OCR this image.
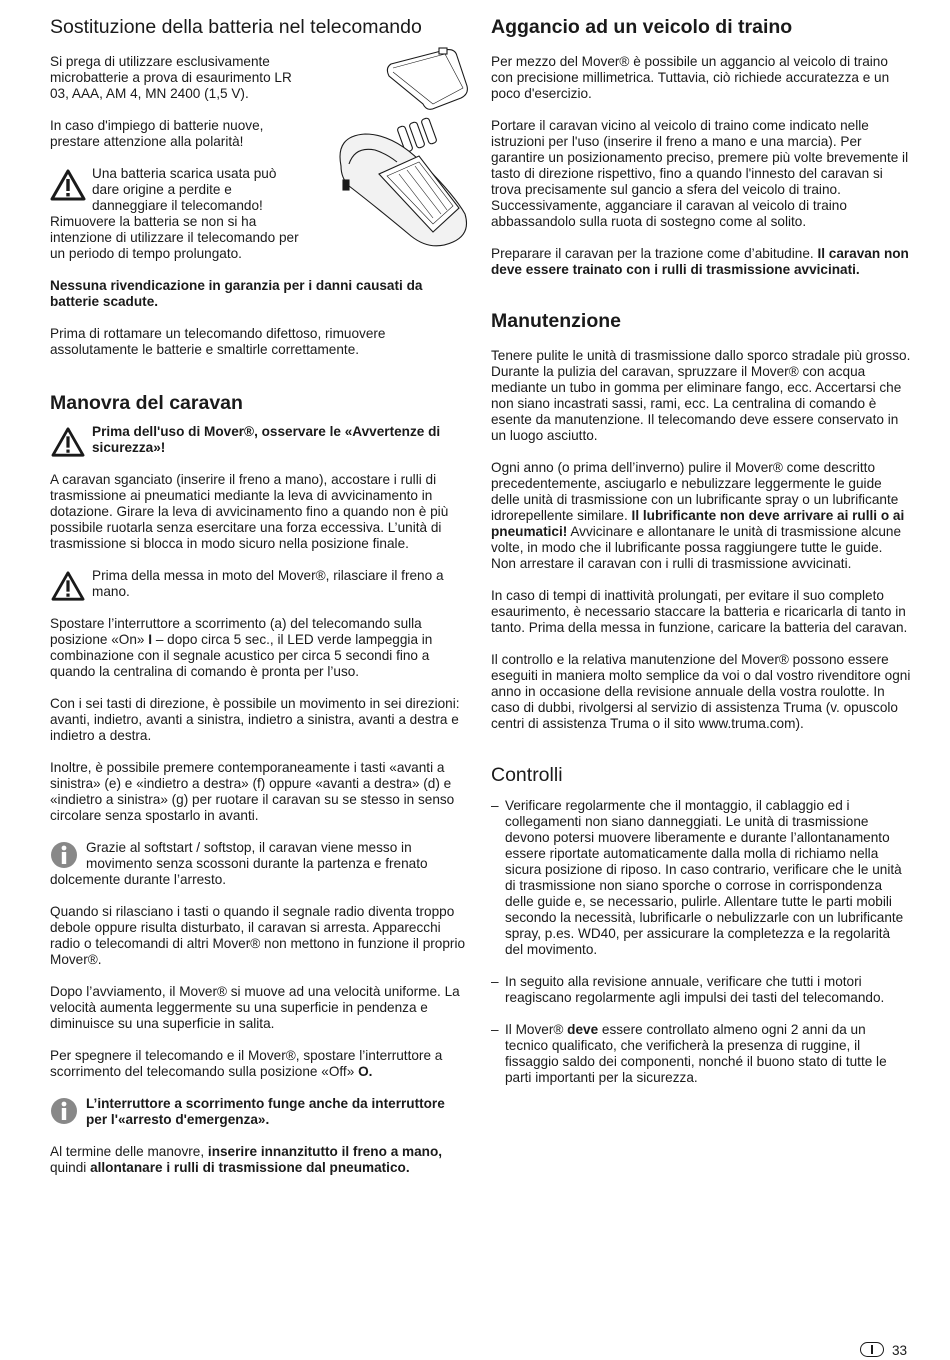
Sostituzione della batteria nel telecomando

Si prega di utilizzare esclusivamente microbatterie a prova di esaurimento LR 03, AAA, AM 4, MN 2400 (1,5 V).

In caso d'impiego di batterie nuove, prestare attenzione alla polarità!

Una batteria scarica usata può dare origine a perdite e danneggiare il telecomando! Rimuovere la batteria se non si ha intenzione di utilizzare il telecomando per un periodo di tempo prolungato.

Nessuna rivendicazione in garanzia per i danni causati da batterie scadute.

Prima di rottamare un telecomando difettoso, rimuovere assolutamente le batterie e smaltirle correttamente.

Manovra del caravan
Prima dell'uso di Mover®, osservare le «Avvertenze di sicurezza»!

A caravan sganciato (inserire il freno a mano), accostare i rulli di trasmissione ai pneumatici mediante la leva di avvicinamento in dotazione. Girare la leva di avvicinamento fino a quando non è più possibile ruotarla senza esercitare una forza eccessiva. L’unità di trasmissione si blocca in modo sicuro nella posizione finale.

Prima della messa in moto del Mover®, rilasciare il freno a mano.

Spostare l’interruttore a scorrimento (a) del telecomando sulla posizione «On» I – dopo circa 5 sec., il LED verde lampeggia in combinazione con il segnale acustico per circa 5 secondi fino a quando la centralina di comando è pronta per l’uso.

Con i sei tasti di direzione, è possibile un movimento in sei direzioni: avanti, indietro, avanti a sinistra, indietro a sinistra, avanti a destra e indietro a destra.

Inoltre, è possibile premere contemporaneamente i tasti «avanti a sinistra» (e) e «indietro a destra» (f) oppure «avanti a destra» (d) e «indietro a sinistra» (g) per ruotare il caravan su se stesso in senso circolare senza spostarlo in avanti.

Grazie al softstart / softstop, il caravan viene messo in movimento senza scossoni durante la partenza e frenato dolcemente durante l’arresto.

Quando si rilasciano i tasti o quando il segnale radio diventa troppo debole oppure risulta disturbato, il caravan si arresta. Apparecchi radio o telecomandi di altri Mover® non mettono in funzione il proprio Mover®.

Dopo l’avviamento, il Mover® si muove ad una velocità uniforme. La velocità aumenta leggermente su una superficie in pendenza e diminuisce su una superficie in salita.

Per spegnere il telecomando e il Mover®, spostare l’interruttore a scorrimento del telecomando sulla posizione «Off» O.

L’interruttore a scorrimento funge anche da interruttore per l'«arresto d'emergenza».

Al termine delle manovre, inserire innanzitutto il freno a mano, quindi allontanare i rulli di trasmissione dal pneumatico.

Aggancio ad un veicolo di traino

Per mezzo del Mover® è possibile un aggancio al veicolo di traino con precisione millimetrica. Tuttavia, ciò richiede accuratezza e un poco d'esercizio.

Portare il caravan vicino al veicolo di traino come indicato nelle istruzioni per l'uso (inserire il freno a mano e una marcia). Per garantire un posizionamento preciso, premere più volte brevemente il tasto di direzione rispettivo, fino a quando l'innesto del caravan si trova precisamente sul gancio a sfera del veicolo di traino. Successivamente, agganciare il caravan al veicolo di traino abbassandolo sulla ruota di sostegno come al solito.

Preparare il caravan per la trazione come d’abitudine. Il caravan non deve essere trainato con i rulli di trasmissione avvicinati.

Manutenzione

Tenere pulite le unità di trasmissione dallo sporco stradale più grosso. Durante la pulizia del caravan, spruzzare il Mover® con acqua mediante un tubo in gomma per eliminare fango, ecc. Accertarsi che non siano incastrati sassi, rami, ecc. La centralina di comando è esente da manutenzione. Il telecomando deve essere conservato in un luogo asciutto.

Ogni anno (o prima dell’inverno) pulire il Mover® come descritto precedentemente, asciugarlo e nebulizzare leggermente le guide delle unità di trasmissione con un lubrificante spray o un lubrificante idrorepellente similare. Il lubrificante non deve arrivare ai rulli o ai pneumatici! Avvicinare e allontanare le unità di trasmissione alcune volte, in modo che il lubrificante possa raggiungere tutte le guide. Non arrestare il caravan con i rulli di trasmissione avvicinati.

In caso di tempi di inattività prolungati, per evitare il suo completo esaurimento, è necessario staccare la batteria e ricaricarla di tanto in tanto. Prima della messa in funzione, caricare la batteria del caravan.

Il controllo e la relativa manutenzione del Mover® possono essere eseguiti in maniera molto semplice da voi o dal vostro rivenditore ogni anno in occasione della revisione annuale della vostra roulotte. In caso di dubbi, rivolgersi al servizio di assistenza Truma (v. opuscolo centri di assistenza Truma o il sito www.truma.com).

Controlli
– Verificare regolarmente che il montaggio, il cablaggio ed i collegamenti non siano danneggiati. Le unità di trasmissione devono potersi muovere liberamente e durante l’allontanamento essere riportate automaticamente dalla molla di richiamo nella sicura posizione di riposo. In caso contrario, verificare che le unità di trasmissione non siano sporche o corrose in corrispondenza delle guide e, se necessario, pulirle. Allentare tutte le parti mobili secondo la necessità, lubrificarle o nebulizzarle con un lubrificante spray, p.es. WD40, per assicurare la completezza e la regolarità del movimento.
– In seguito alla revisione annuale, verificare che tutti i motori reagiscano regolarmente agli impulsi dei tasti del telecomando.
– Il Mover® deve essere controllato almeno ogni 2 anni da un tecnico qualificato, che verificherà la presenza di ruggine, il fissaggio saldo dei componenti, nonché il buono stato di tutte le parti importanti per la sicurezza.
33
